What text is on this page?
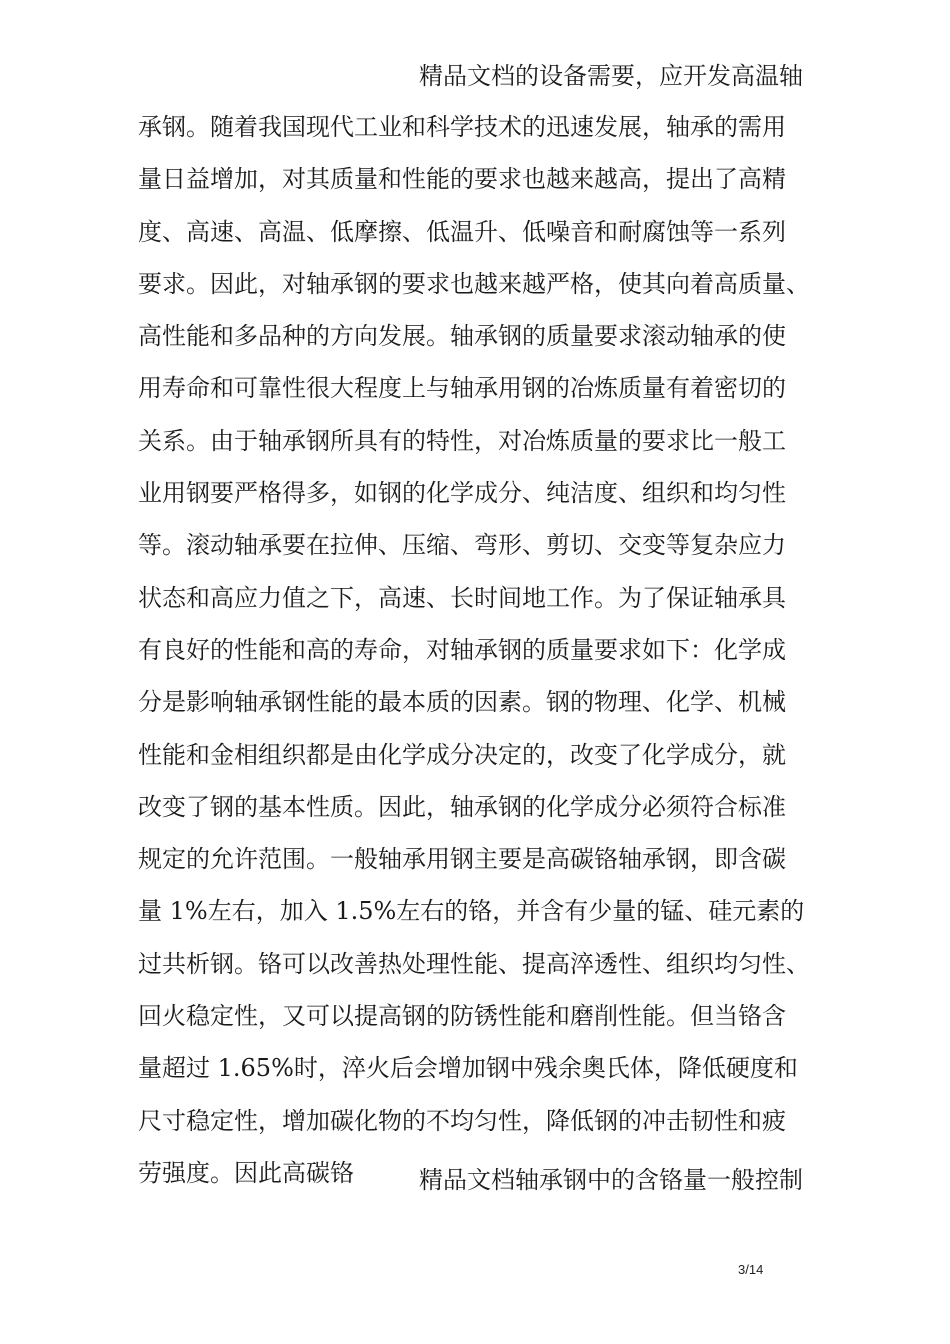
精品文档的设备需要，应开发高温轴
承钢。随着我国现代工业和科学技术的迅速发展，轴承的需用
量日益增加，对其质量和性能的要求也越来越高，提出了高精
度、高速、高温、低摩擦、低温升、低噪音和耐腐蚀等一系列
要求。因此，对轴承钢的要求也越来越严格，使其向着高质量、
高性能和多品种的方向发展。轴承钢的质量要求滚动轴承的使
用寿命和可靠性很大程度上与轴承用钢的冶炼质量有着密切的
关系。由于轴承钢所具有的特性，对冶炼质量的要求比一般工
业用钢要严格得多，如钢的化学成分、纯洁度、组织和均匀性
等。滚动轴承要在拉伸、压缩、弯形、剪切、交变等复杂应力
状态和高应力值之下，高速、长时间地工作。为了保证轴承具
有良好的性能和高的寿命，对轴承钢的质量要求如下：化学成
分是影响轴承钢性能的最本质的因素。钢的物理、化学、机械
性能和金相组织都是由化学成分决定的，改变了化学成分，就
改变了钢的基本性质。因此，轴承钢的化学成分必须符合标准
规定的允许范围。一般轴承用钢主要是高碳铬轴承钢，即含碳
量 1%左右，加入 1.5%左右的铬，并含有少量的锰、硅元素的
过共析钢。铬可以改善热处理性能、提高淬透性、组织均匀性、
回火稳定性，又可以提高钢的防锈性能和磨削性能。但当铬含
量超过 1.65%时，淬火后会增加钢中残余奥氏体，降低硬度和
尺寸稳定性，增加碳化物的不均匀性，降低钢的冲击韧性和疲
劳强度。因此高碳铬	精品文档轴承钢中的含铬量一般控制
3/14
